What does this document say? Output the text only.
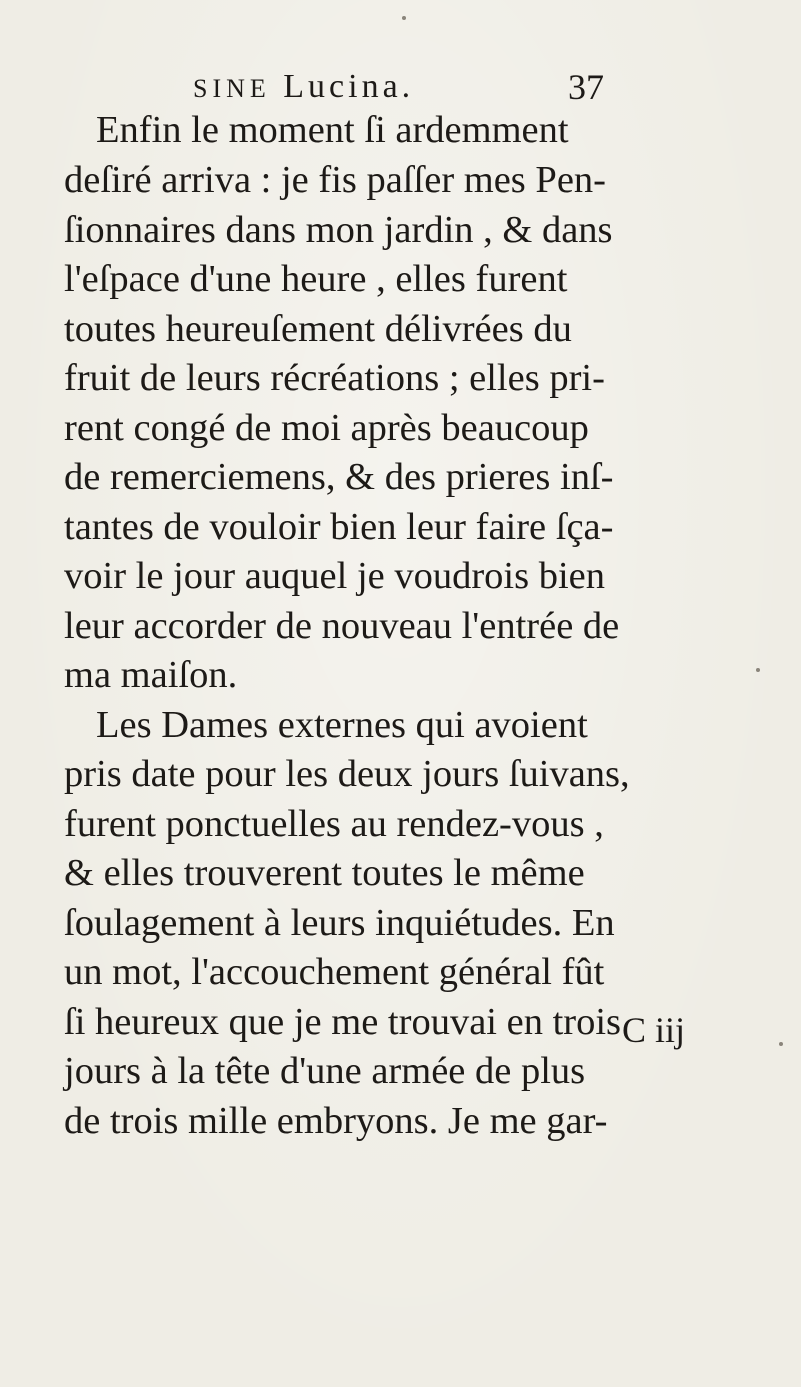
SINE Lucina.	37
Enfin le moment ſi ardemment
deſiré arriva : je fis paſſer mes Pen-
ſionnaires dans mon jardin , & dans
l'eſpace d'une heure , elles furent
toutes heureuſement délivrées du
fruit de leurs récréations ; elles pri-
rent congé de moi après beaucoup
de remerciemens, & des prieres inſ-
tantes de vouloir bien leur faire ſça-
voir le jour auquel je voudrois bien
leur accorder de nouveau l'entrée de
ma maiſon.
Les Dames externes qui avoient
pris date pour les deux jours ſuivans,
furent ponctuelles au rendez-vous ,
& elles trouverent toutes le même
ſoulagement à leurs inquiétudes. En
un mot, l'accouchement général fût
ſi heureux que je me trouvai en trois
jours à la tête d'une armée de plus
de trois mille embryons. Je me gar-
C iij
